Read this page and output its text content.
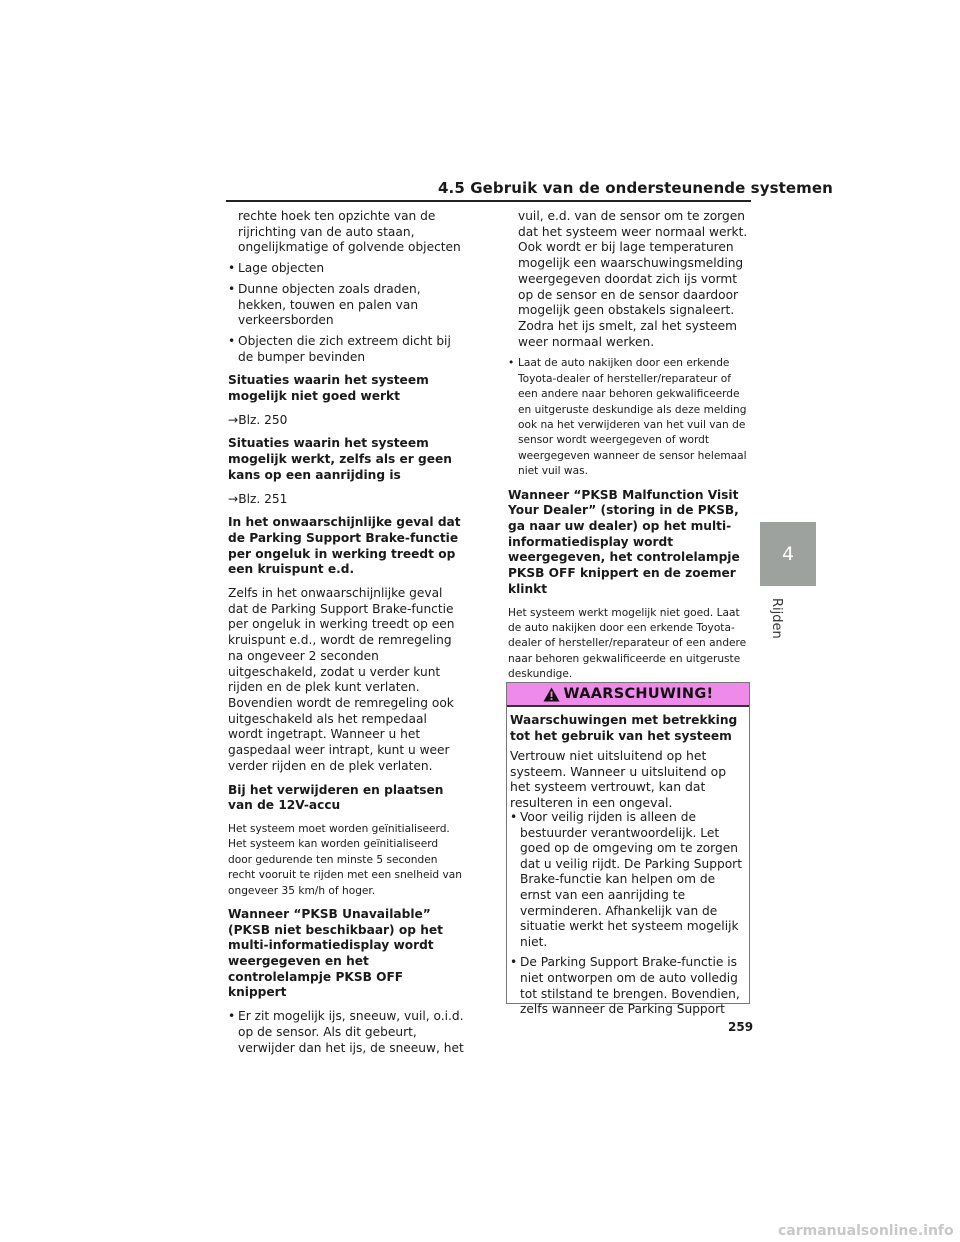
4.5 Gebruik van de ondersteunende systemen
4
Rijden

rechte hoek ten opzichte van de rijrichting van de auto staan, ongelijkmatige of golvende objecten

• Lage objecten

• Dunne objecten zoals draden, hekken, touwen en palen van verkeersborden

• Objecten die zich extreem dicht bij de bumper bevinden

Situaties waarin het systeem mogelijk niet goed werkt

→Blz. 250

Situaties waarin het systeem mogelijk werkt, zelfs als er geen kans op een aanrijding is

→Blz. 251

In het onwaarschijnlijke geval dat de Parking Support Brake-functie per ongeluk in werking treedt op een kruispunt e.d.

Zelfs in het onwaarschijnlijke geval dat de Parking Support Brake-functie per ongeluk in werking treedt op een kruispunt e.d., wordt de remregeling na ongeveer 2 seconden uitgeschakeld, zodat u verder kunt rijden en de plek kunt verlaten. Bovendien wordt de remregeling ook uitgeschakeld als het rempedaal wordt ingetrapt. Wanneer u het gaspedaal weer intrapt, kunt u weer verder rijden en de plek verlaten.

Bij het verwijderen en plaatsen van de 12V-accu

Het systeem moet worden geïnitialiseerd. Het systeem kan worden geïnitialiseerd door gedurende ten minste 5 seconden recht vooruit te rijden met een snelheid van ongeveer 35 km/h of hoger.

Wanneer “PKSB Unavailable” (PKSB niet beschikbaar) op het multi-informatiedisplay wordt weergegeven en het controlelampje PKSB OFF knippert

• Er zit mogelijk ijs, sneeuw, vuil, o.i.d. op de sensor. Als dit gebeurt, verwijder dan het ijs, de sneeuw, het

vuil, e.d. van de sensor om te zorgen dat het systeem weer normaal werkt. Ook wordt er bij lage temperaturen mogelijk een waarschuwingsmelding weergegeven doordat zich ijs vormt op de sensor en de sensor daardoor mogelijk geen obstakels signaleert. Zodra het ijs smelt, zal het systeem weer normaal werken.

• Laat de auto nakijken door een erkende Toyota-dealer of hersteller/reparateur of een andere naar behoren gekwalificeerde en uitgeruste deskundige als deze melding ook na het verwijderen van het vuil van de sensor wordt weergegeven of wordt weergegeven wanneer de sensor helemaal niet vuil was.

Wanneer “PKSB Malfunction Visit Your Dealer” (storing in de PKSB, ga naar uw dealer) op het multi-informatiedisplay wordt weergegeven, het controlelampje PKSB OFF knippert en de zoemer klinkt

Het systeem werkt mogelijk niet goed. Laat de auto nakijken door een erkende Toyota-dealer of hersteller/reparateur of een andere naar behoren gekwalificeerde en uitgeruste deskundige.

WAARSCHUWING!

Waarschuwingen met betrekking tot het gebruik van het systeem

Vertrouw niet uitsluitend op het systeem. Wanneer u uitsluitend op het systeem vertrouwt, kan dat resulteren in een ongeval.

• Voor veilig rijden is alleen de bestuurder verantwoordelijk. Let goed op de omgeving om te zorgen dat u veilig rijdt. De Parking Support Brake-functie kan helpen om de ernst van een aanrijding te verminderen. Afhankelijk van de situatie werkt het systeem mogelijk niet.

• De Parking Support Brake-functie is niet ontworpen om de auto volledig tot stilstand te brengen. Bovendien, zelfs wanneer de Parking Support

259
carmanualsonline.info
